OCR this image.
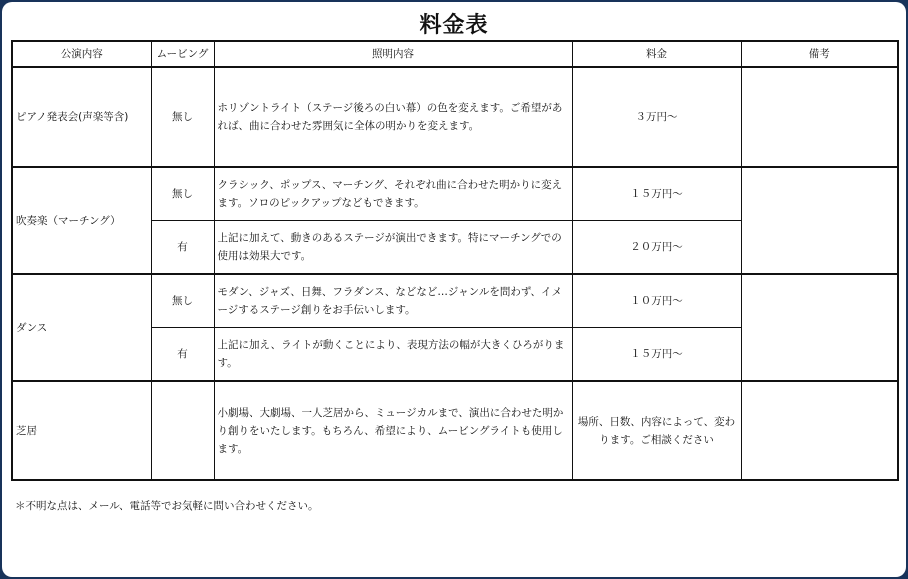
料金表
公演内容	ムービング	照明内容	料金	備考
ピアノ発表会(声楽等含)	無し	ホリゾントライト（ステージ後ろの白い幕）の色を変えます。ご希望があれば、曲に合わせた雰囲気に全体の明かりを変えます。	３万円～	
吹奏楽（マーチング）	無し	クラシック、ポップス、マーチング、それぞれ曲に合わせた明かりに変えます。ソロのピックアップなどもできます。	１５万円～	
	有	上記に加えて、動きのあるステージが演出できます。特にマーチングでの使用は効果大です。	２０万円～	
ダンス	無し	モダン、ジャズ、日舞、フラダンス、などなど…ジャンルを問わず、イメージするステージ創りをお手伝いします。	１０万円～	
	有	上記に加え、ライトが動くことにより、表現方法の幅が大きくひろがります。	１５万円～	
芝居		小劇場、大劇場、一人芝居から、ミュージカルまで、演出に合わせた明かり創りをいたします。もちろん、希望により、ムービングライトも使用します。	場所、日数、内容によって、変わります。ご相談ください	
＊不明な点は、メール、電話等でお気軽に問い合わせください。
